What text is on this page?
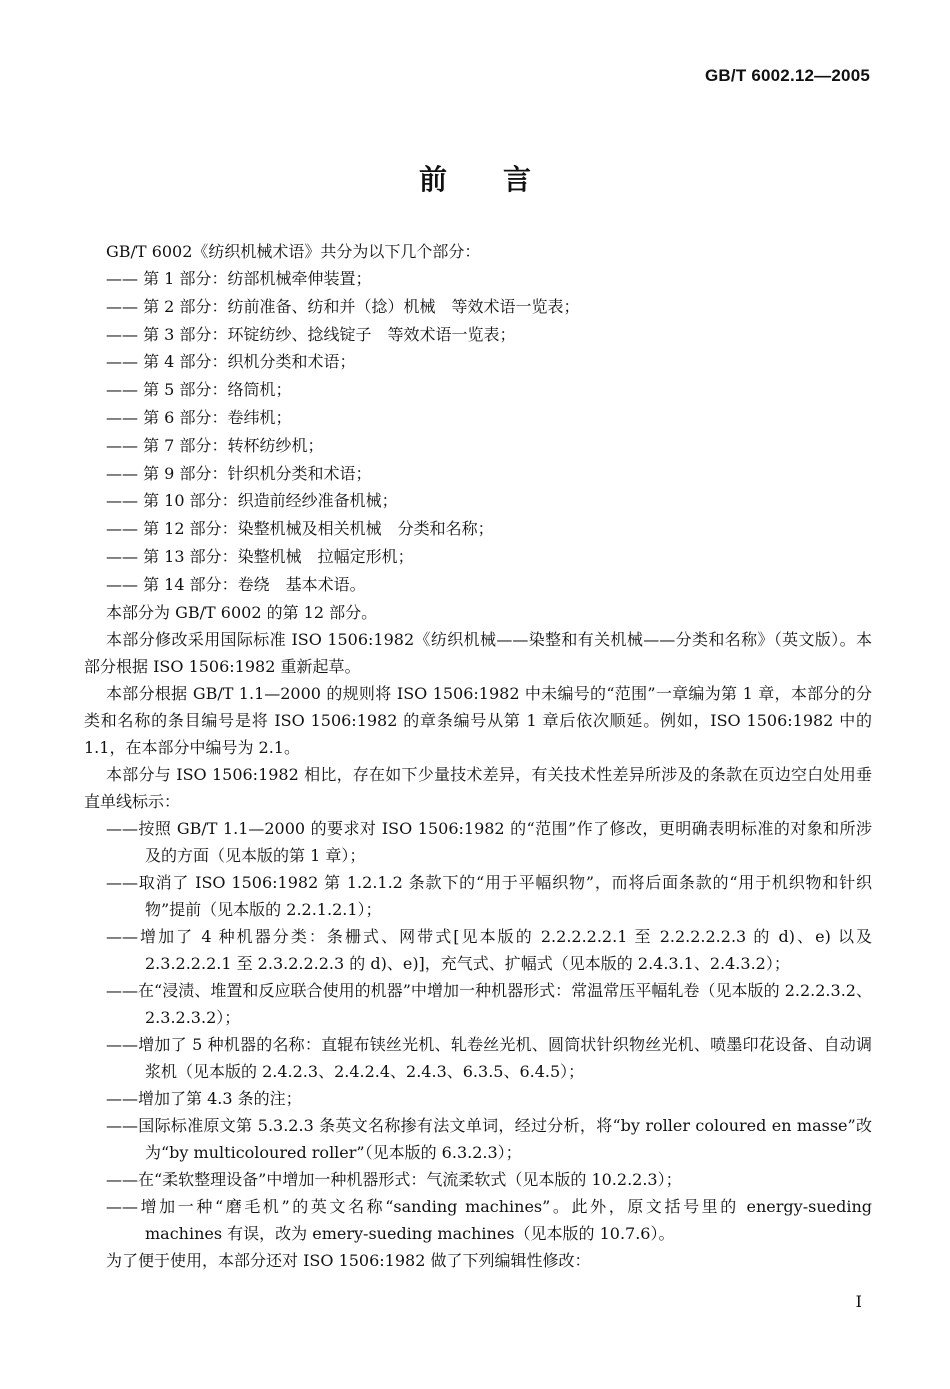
GB/T 6002.12—2005
前　　言

GB/T 6002《纺织机械术语》共分为以下几个部分：

—— 第 1 部分：纺部机械牵伸装置；
—— 第 2 部分：纺前准备、纺和并（捻）机械　等效术语一览表；
—— 第 3 部分：环锭纺纱、捻线锭子　等效术语一览表；
—— 第 4 部分：织机分类和术语；
—— 第 5 部分：络筒机；
—— 第 6 部分：卷纬机；
—— 第 7 部分：转杯纺纱机；
—— 第 9 部分：针织机分类和术语；
—— 第 10 部分：织造前经纱准备机械；
—— 第 12 部分：染整机械及相关机械　分类和名称；
—— 第 13 部分：染整机械　拉幅定形机；
—— 第 14 部分：卷绕　基本术语。

本部分为 GB/T 6002 的第 12 部分。

本部分修改采用国际标准 ISO 1506:1982《纺织机械——染整和有关机械——分类和名称》（英文版）。本部分根据 ISO 1506:1982 重新起草。

本部分根据 GB/T 1.1—2000 的规则将 ISO 1506:1982 中未编号的“范围”一章编为第 1 章，本部分的分类和名称的条目编号是将 ISO 1506:1982 的章条编号从第 1 章后依次顺延。例如，ISO 1506:1982 中的 1.1，在本部分中编号为 2.1。

本部分与 ISO 1506:1982 相比，存在如下少量技术差异，有关技术性差异所涉及的条款在页边空白处用垂直单线标示：

——按照 GB/T 1.1—2000 的要求对 ISO 1506:1982 的“范围”作了修改，更明确表明标准的对象和所涉及的方面（见本版的第 1 章）；
——取消了 ISO 1506:1982 第 1.2.1.2 条款下的“用于平幅织物”，而将后面条款的“用于机织物和针织物”提前（见本版的 2.2.1.2.1）；
——增加了 4 种机器分类：条栅式、网带式[见本版的 2.2.2.2.2.1 至 2.2.2.2.2.3 的 d)、e) 以及 2.3.2.2.2.1 至 2.3.2.2.2.3 的 d)、e)]，充气式、扩幅式（见本版的 2.4.3.1、2.4.3.2）；
——在“浸渍、堆置和反应联合使用的机器”中增加一种机器形式：常温常压平幅轧卷（见本版的 2.2.2.3.2、2.3.2.3.2）；
——增加了 5 种机器的名称：直辊布铗丝光机、轧卷丝光机、圆筒状针织物丝光机、喷墨印花设备、自动调浆机（见本版的 2.4.2.3、2.4.2.4、2.4.3、6.3.5、6.4.5）；
——增加了第 4.3 条的注；
——国际标准原文第 5.3.2.3 条英文名称掺有法文单词，经过分析，将“by roller coloured en masse”改为“by multicoloured roller”（见本版的 6.3.2.3）；
——在“柔软整理设备”中增加一种机器形式：气流柔软式（见本版的 10.2.2.3）；
——增加一种“磨毛机”的英文名称“sanding machines”。此外，原文括号里的 energy-sueding machines 有误，改为 emery-sueding machines（见本版的 10.7.6）。

为了便于使用，本部分还对 ISO 1506:1982 做了下列编辑性修改：

I
